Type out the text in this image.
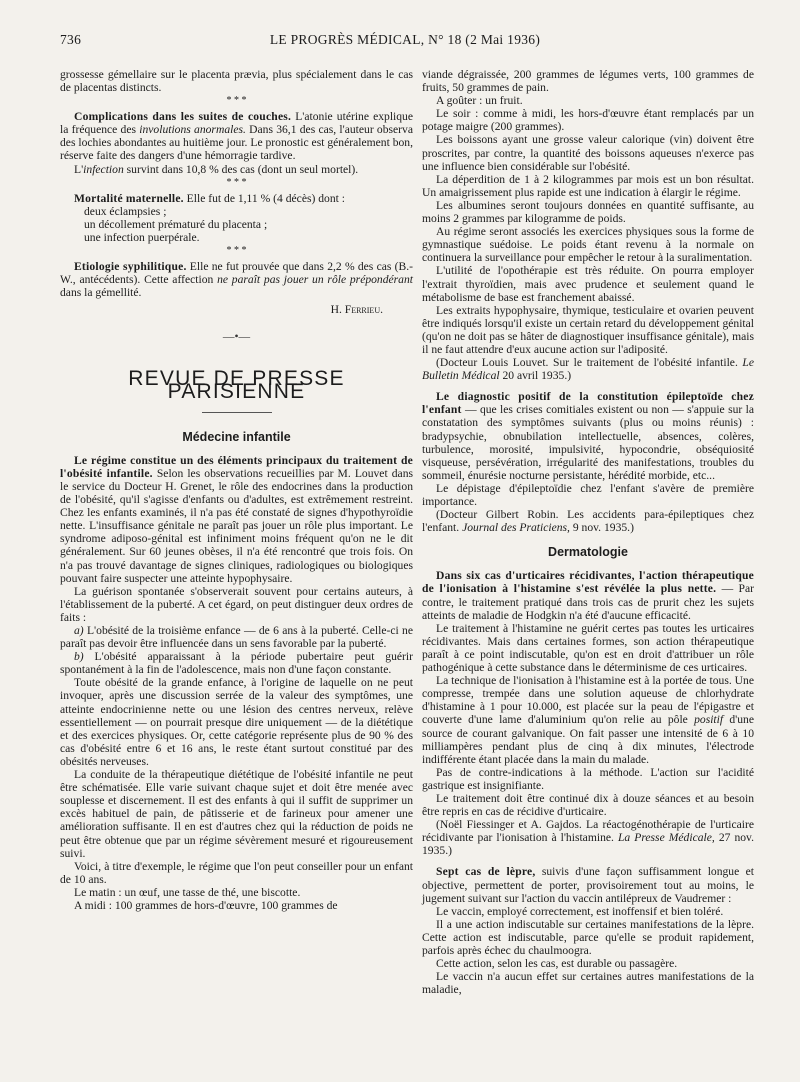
736	LE PROGRÈS MÉDICAL, N° 18 (2 Mai 1936)

grossesse gémellaire sur le placenta prævia, plus spécialement dans le cas de placentas distincts.

* * *

Complications dans les suites de couches. L'atonie utérine explique la fréquence des involutions anormales. Dans 36,1 des cas, l'auteur observa des lochies abondantes au huitième jour. Le pronostic est généralement bon, réserve faite des dangers d'une hémorragie tardive.

L'infection survint dans 10,8 % des cas (dont un seul mortel).

* * *

Mortalité maternelle. Elle fut de 1,11 % (4 décès) dont :

deux éclampsies ;

un décollement prématuré du placenta ;

une infection puerpérale.

* * *

Etiologie syphilitique. Elle ne fut prouvée que dans 2,2 % des cas (B.-W., antécédents). Cette affection ne paraît pas jouer un rôle prépondérant dans la gémellité.

H. Ferrieu.
—•—
REVUE DE PRESSE PARISIENNE
Médecine infantile

Le régime constitue un des éléments principaux du traitement de l'obésité infantile. Selon les observations recueillies par M. Louvet dans le service du Docteur H. Grenet, le rôle des endocrines dans la production de l'obésité, qu'il s'agisse d'enfants ou d'adultes, est extrêmement restreint. Chez les enfants examinés, il n'a pas été constaté de signes d'hypothyroïdie nette. L'insuffisance génitale ne paraît pas jouer un rôle plus important. Le syndrome adiposo-génital est infiniment moins fréquent qu'on ne le dit généralement. Sur 60 jeunes obèses, il n'a été rencontré que trois fois. On n'a pas trouvé davantage de signes cliniques, radiologiques ou biologiques pouvant faire suspecter une atteinte hypophysaire.

La guérison spontanée s'observerait souvent pour certains auteurs, à l'établissement de la puberté. A cet égard, on peut distinguer deux ordres de faits :

a) L'obésité de la troisième enfance — de 6 ans à la puberté. Celle-ci ne paraît pas devoir être influencée dans un sens favorable par la puberté.

b) L'obésité apparaissant à la période pubertaire peut guérir spontanément à la fin de l'adolescence, mais non d'une façon constante.

Toute obésité de la grande enfance, à l'origine de laquelle on ne peut invoquer, après une discussion serrée de la valeur des symptômes, une atteinte endocrinienne nette ou une lésion des centres nerveux, relève essentiellement — on pourrait presque dire uniquement — de la diététique et des exercices physiques. Or, cette catégorie représente plus de 90 % des cas d'obésité entre 6 et 16 ans, le reste étant surtout constitué par des obésités nerveuses.

La conduite de la thérapeutique diététique de l'obésité infantile ne peut être schématisée. Elle varie suivant chaque sujet et doit être menée avec souplesse et discernement. Il est des enfants à qui il suffit de supprimer un excès habituel de pain, de pâtisserie et de farineux pour amener une amélioration suffisante. Il en est d'autres chez qui la réduction de poids ne peut être obtenue que par un régime sévèrement mesuré et rigoureusement suivi.

Voici, à titre d'exemple, le régime que l'on peut conseiller pour un enfant de 10 ans.

Le matin : un œuf, une tasse de thé, une biscotte.

A midi : 100 grammes de hors-d'œuvre, 100 grammes de

viande dégraissée, 200 grammes de légumes verts, 100 grammes de fruits, 50 grammes de pain.

A goûter : un fruit.

Le soir : comme à midi, les hors-d'œuvre étant remplacés par un potage maigre (200 grammes).

Les boissons ayant une grosse valeur calorique (vin) doivent être proscrites, par contre, la quantité des boissons aqueuses n'exerce pas une influence bien considérable sur l'obésité.

La déperdition de 1 à 2 kilogrammes par mois est un bon résultat. Un amaigrissement plus rapide est une indication à élargir le régime.

Les albumines seront toujours données en quantité suffisante, au moins 2 grammes par kilogramme de poids.

Au régime seront associés les exercices physiques sous la forme de gymnastique suédoise. Le poids étant revenu à la normale on continuera la surveillance pour empêcher le retour à la suralimentation.

L'utilité de l'opothérapie est très réduite. On pourra employer l'extrait thyroïdien, mais avec prudence et seulement quand le métabolisme de base est franchement abaissé.

Les extraits hypophysaire, thymique, testiculaire et ovarien peuvent être indiqués lorsqu'il existe un certain retard du développement génital (qu'on ne doit pas se hâter de diagnostiquer insuffisance génitale), mais il ne faut attendre d'eux aucune action sur l'adiposité.

(Docteur Louis Louvet. Sur le traitement de l'obésité infantile. Le Bulletin Médical 20 avril 1935.)

Le diagnostic positif de la constitution épileptoïde chez l'enfant — que les crises comitiales existent ou non — s'appuie sur la constatation des symptômes suivants (plus ou moins réunis) : bradypsychie, obnubilation intellectuelle, absences, colères, turbulence, morosité, impulsivité, hypocondrie, obséquiosité visqueuse, persévération, irrégularité des manifestations, troubles du sommeil, énurésie nocturne persistante, hérédité morbide, etc...

Le dépistage d'épileptoïdie chez l'enfant s'avère de première importance.

(Docteur Gilbert Robin. Les accidents para-épileptiques chez l'enfant. Journal des Praticiens, 9 nov. 1935.)

Dermatologie

Dans six cas d'urticaires récidivantes, l'action thérapeutique de l'ionisation à l'histamine s'est révélée la plus nette. — Par contre, le traitement pratiqué dans trois cas de prurit chez les sujets atteints de maladie de Hodgkin n'a été d'aucune efficacité.

Le traitement à l'histamine ne guérit certes pas toutes les urticaires récidivantes. Mais dans certaines formes, son action thérapeutique paraît à ce point indiscutable, qu'on est en droit d'attribuer un rôle pathogénique à cette substance dans le déterminisme de ces urticaires.

La technique de l'ionisation à l'histamine est à la portée de tous. Une compresse, trempée dans une solution aqueuse de chlorhydrate d'histamine à 1 pour 10.000, est placée sur la peau de l'épigastre et couverte d'une lame d'aluminium qu'on relie au pôle positif d'une source de courant galvanique. On fait passer une intensité de 6 à 10 milliampères pendant plus de cinq à dix minutes, l'électrode indifférente étant placée dans la main du malade.

Pas de contre-indications à la méthode. L'action sur l'acidité gastrique est insignifiante.

Le traitement doit être continué dix à douze séances et au besoin être repris en cas de récidive d'urticaire.

(Noël Fiessinger et A. Gajdos. La réactogénothérapie de l'urticaire récidivante par l'ionisation à l'histamine. La Presse Médicale, 27 nov. 1935.)

Sept cas de lèpre, suivis d'une façon suffisamment longue et objective, permettent de porter, provisoirement tout au moins, le jugement suivant sur l'action du vaccin antilépreux de Vaudremer :

Le vaccin, employé correctement, est inoffensif et bien toléré.

Il a une action indiscutable sur certaines manifestations de la lèpre. Cette action est indiscutable, parce qu'elle se produit rapidement, parfois après échec du chaulmoogra.

Cette action, selon les cas, est durable ou passagère.

Le vaccin n'a aucun effet sur certaines autres manifestations de la maladie,
